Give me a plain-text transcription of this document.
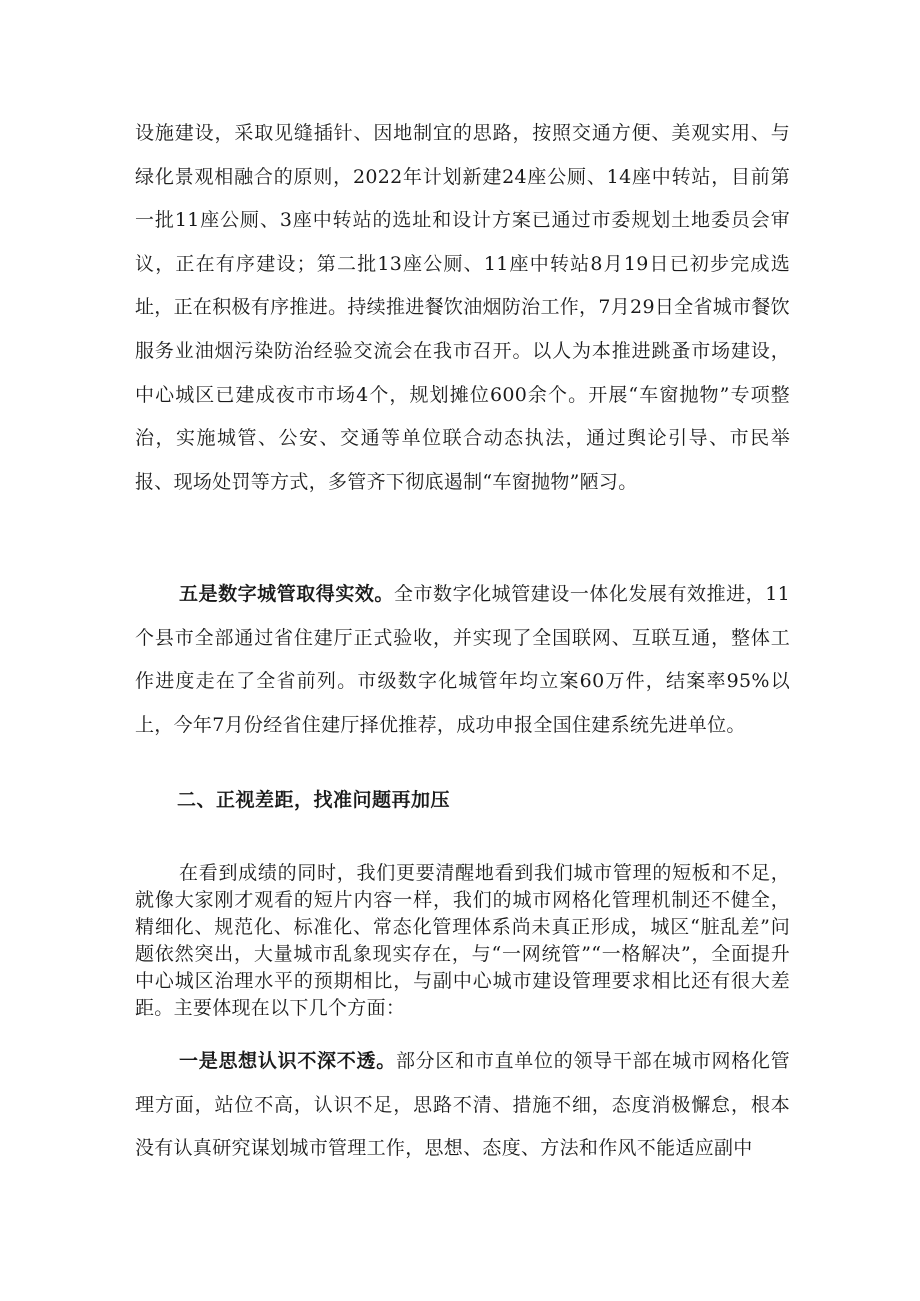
设施建设，采取见缝插针、因地制宜的思路，按照交通方便、美观实用、与绿化景观相融合的原则，2022年计划新建24座公厕、14座中转站，目前第一批11座公厕、3座中转站的选址和设计方案已通过市委规划土地委员会审议，正在有序建设；第二批13座公厕、11座中转站8月19日已初步完成选址，正在积极有序推进。持续推进餐饮油烟防治工作，7月29日全省城市餐饮服务业油烟污染防治经验交流会在我市召开。以人为本推进跳蚤市场建设，中心城区已建成夜市市场4个，规划摊位600余个。开展“车窗抛物”专项整治，实施城管、公安、交通等单位联合动态执法，通过舆论引导、市民举报、现场处罚等方式，多管齐下彻底遏制“车窗抛物”陋习。

五是数字城管取得实效。全市数字化城管建设一体化发展有效推进，11个县市全部通过省住建厅正式验收，并实现了全国联网、互联互通，整体工作进度走在了全省前列。市级数字化城管年均立案60万件，结案率95%以上，今年7月份经省住建厅择优推荐，成功申报全国住建系统先进单位。

二、正视差距，找准问题再加压

在看到成绩的同时，我们更要清醒地看到我们城市管理的短板和不足，就像大家刚才观看的短片内容一样，我们的城市网格化管理机制还不健全，精细化、规范化、标准化、常态化管理体系尚未真正形成，城区“脏乱差”问题依然突出，大量城市乱象现实存在，与“一网统管”“一格解决”，全面提升中心城区治理水平的预期相比，与副中心城市建设管理要求相比还有很大差距。主要体现在以下几个方面：

一是思想认识不深不透。部分区和市直单位的领导干部在城市网格化管理方面，站位不高，认识不足，思路不清、措施不细，态度消极懈怠，根本没有认真研究谋划城市管理工作，思想、态度、方法和作风不能适应副中
